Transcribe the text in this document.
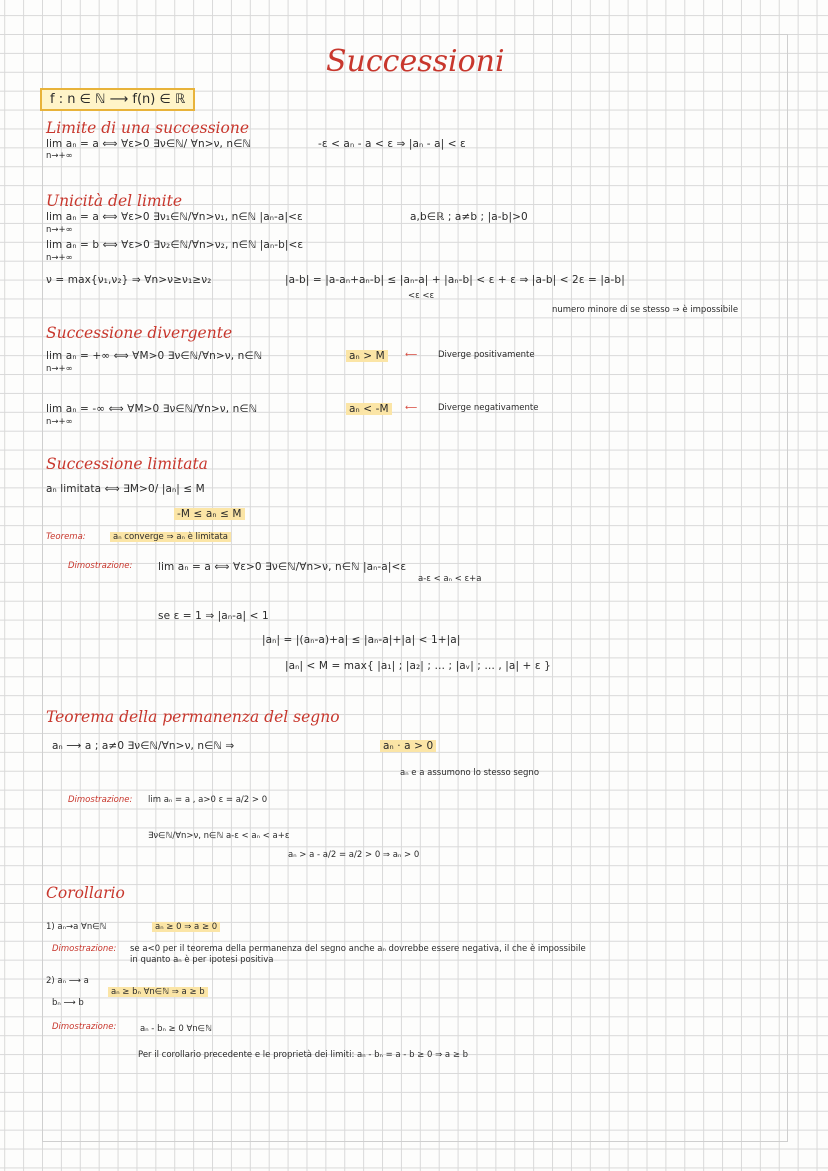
Successioni
f : n ∈ ℕ ⟶ f(n) ∈ ℝ
Limite di una successione
lim aₙ = a ⟺ ∀ε>0 ∃ν∈ℕ/ ∀n>ν, n∈ℕ
n→+∞
-ε < aₙ - a < ε ⇒ |aₙ - a| < ε
Unicità del limite
lim aₙ = a ⟺ ∀ε>0 ∃ν₁∈ℕ/∀n>ν₁, n∈ℕ |aₙ-a|<ε
n→+∞
a,b∈ℝ ; a≠b ; |a-b|>0
lim aₙ = b ⟺ ∀ε>0 ∃ν₂∈ℕ/∀n>ν₂, n∈ℕ |aₙ-b|<ε
n→+∞
ν = max{ν₁,ν₂} ⇒ ∀n>ν≥ν₁≥ν₂	|a-b| = |a-aₙ+aₙ-b| ≤ |aₙ-a| + |aₙ-b| < ε + ε ⇒ |a-b| < 2ε = |a-b|
<ε <ε
numero minore di se stesso ⇒ è impossibile
Successione divergente
lim aₙ = +∞ ⟺ ∀M>0 ∃ν∈ℕ/∀n>ν, n∈ℕ
n→+∞
aₙ > M	⟵ Diverge positivamente
lim aₙ = -∞ ⟺ ∀M>0 ∃ν∈ℕ/∀n>ν, n∈ℕ
n→+∞
aₙ < -M	⟵ Diverge negativamente
Successione limitata
aₙ limitata ⟺ ∃M>0/ |aₙ| ≤ M
-M ≤ aₙ ≤ M
Teorema:	aₙ converge ⇒ aₙ è limitata
Dimostrazione: lim aₙ = a ⟺ ∀ε>0 ∃ν∈ℕ/∀n>ν, n∈ℕ |aₙ-a|<ε
a-ε < aₙ < ε+a
se ε = 1 ⇒ |aₙ-a| < 1
|aₙ| = |(aₙ-a)+a| ≤ |aₙ-a|+|a| < 1+|a|
|aₙ| < M = max{ |a₁| ; |a₂| ; … ; |aᵥ| ; … , |a| + ε }
Teorema della permanenza del segno
aₙ ⟶ a ; a≠0 ∃ν∈ℕ/∀n>ν, n∈ℕ ⇒	aₙ · a > 0
aₙ e a assumono lo stesso segno
Dimostrazione: lim aₙ = a , a>0 ε = a/2 > 0
∃ν∈ℕ/∀n>ν, n∈ℕ a-ε < aₙ < a+ε
aₙ > a - a/2 = a/2 > 0 ⇒ aₙ > 0
Corollario
1) aₙ→a ∀n∈ℕ	aₙ ≥ 0 ⇒ a ≥ 0
Dimostrazione: se a<0 per il teorema della permanenza del segno anche aₙ dovrebbe essere negativa, il che è impossibile
in quanto aₙ è per ipotesi positiva
2) aₙ ⟶ a
bₙ ⟶ b
aₙ ≥ bₙ ∀n∈ℕ ⇒ a ≥ b
Dimostrazione:	aₙ - bₙ ≥ 0 ∀n∈ℕ
Per il corollario precedente e le proprietà dei limiti: aₙ - bₙ = a - b ≥ 0 ⇒ a ≥ b
